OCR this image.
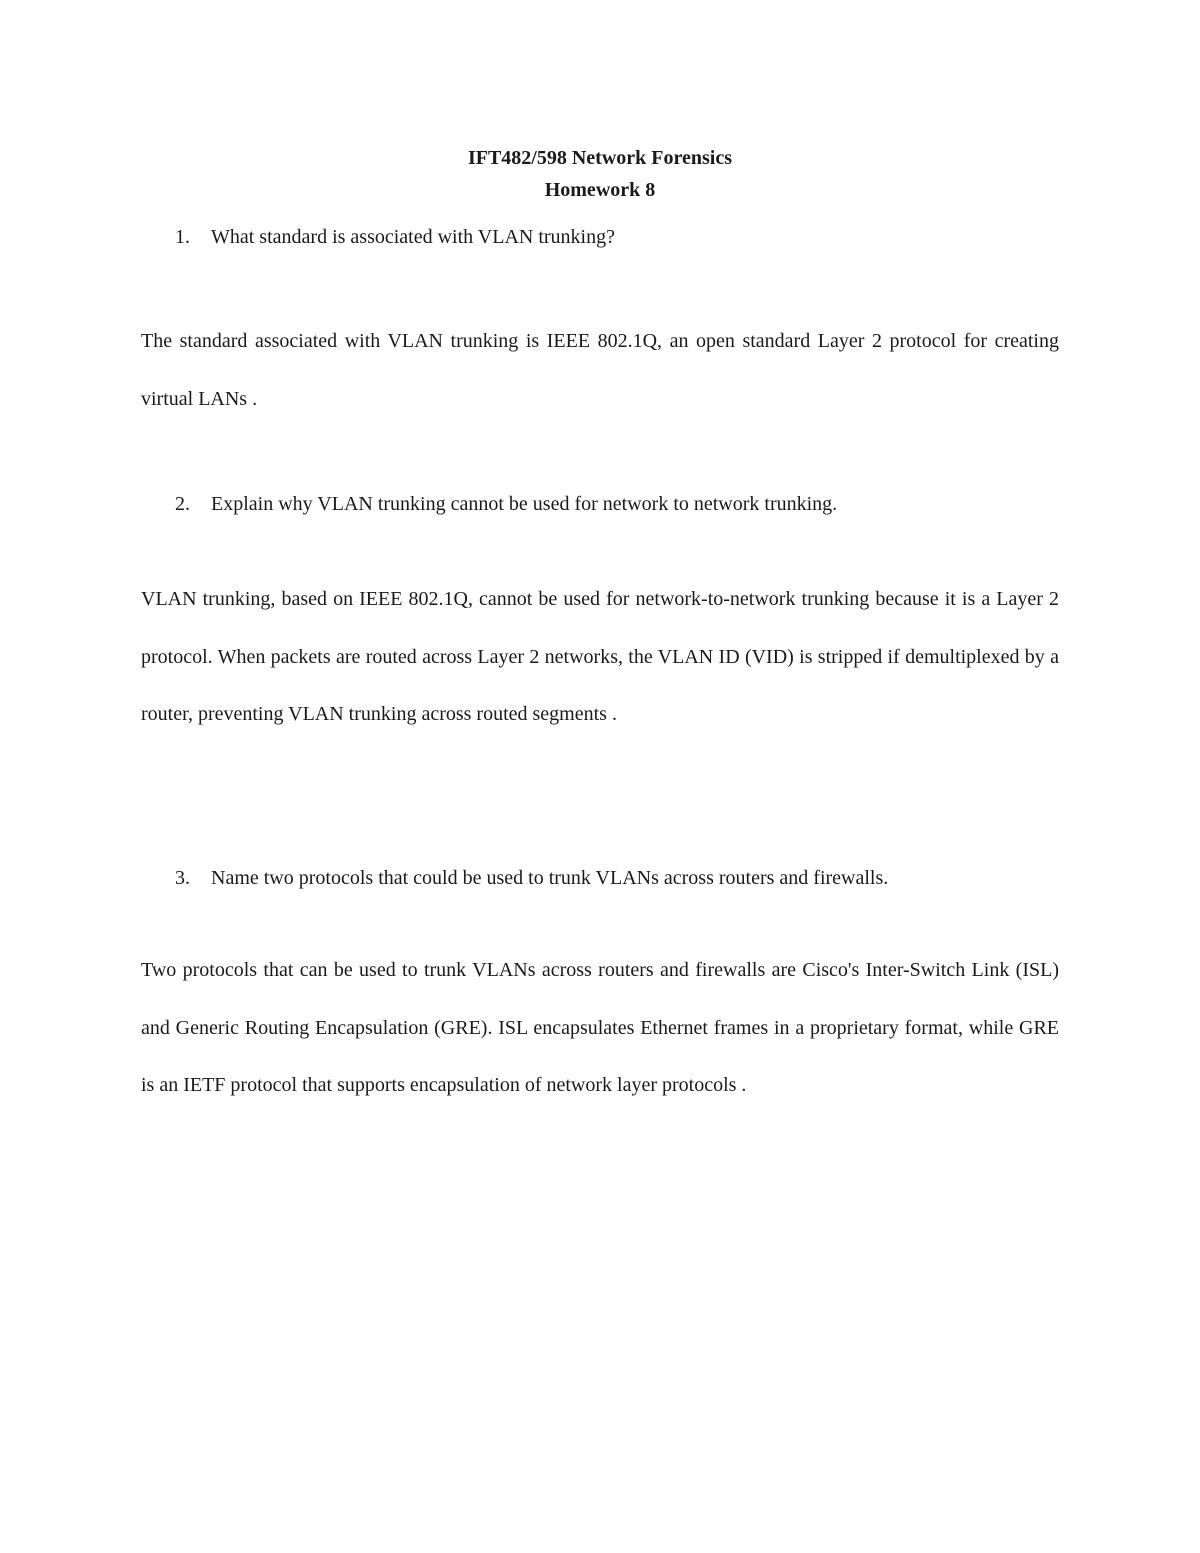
IFT482/598 Network Forensics
Homework 8
1. What standard is associated with VLAN trunking?
The standard associated with VLAN trunking is IEEE 802.1Q, an open standard Layer 2 protocol for creating virtual LANs .
2. Explain why VLAN trunking cannot be used for network to network trunking.
VLAN trunking, based on IEEE 802.1Q, cannot be used for network-to-network trunking because it is a Layer 2 protocol. When packets are routed across Layer 2 networks, the VLAN ID (VID) is stripped if demultiplexed by a router, preventing VLAN trunking across routed segments .
3. Name two protocols that could be used to trunk VLANs across routers and firewalls.
Two protocols that can be used to trunk VLANs across routers and firewalls are Cisco's Inter-Switch Link (ISL) and Generic Routing Encapsulation (GRE). ISL encapsulates Ethernet frames in a proprietary format, while GRE is an IETF protocol that supports encapsulation of network layer protocols .
